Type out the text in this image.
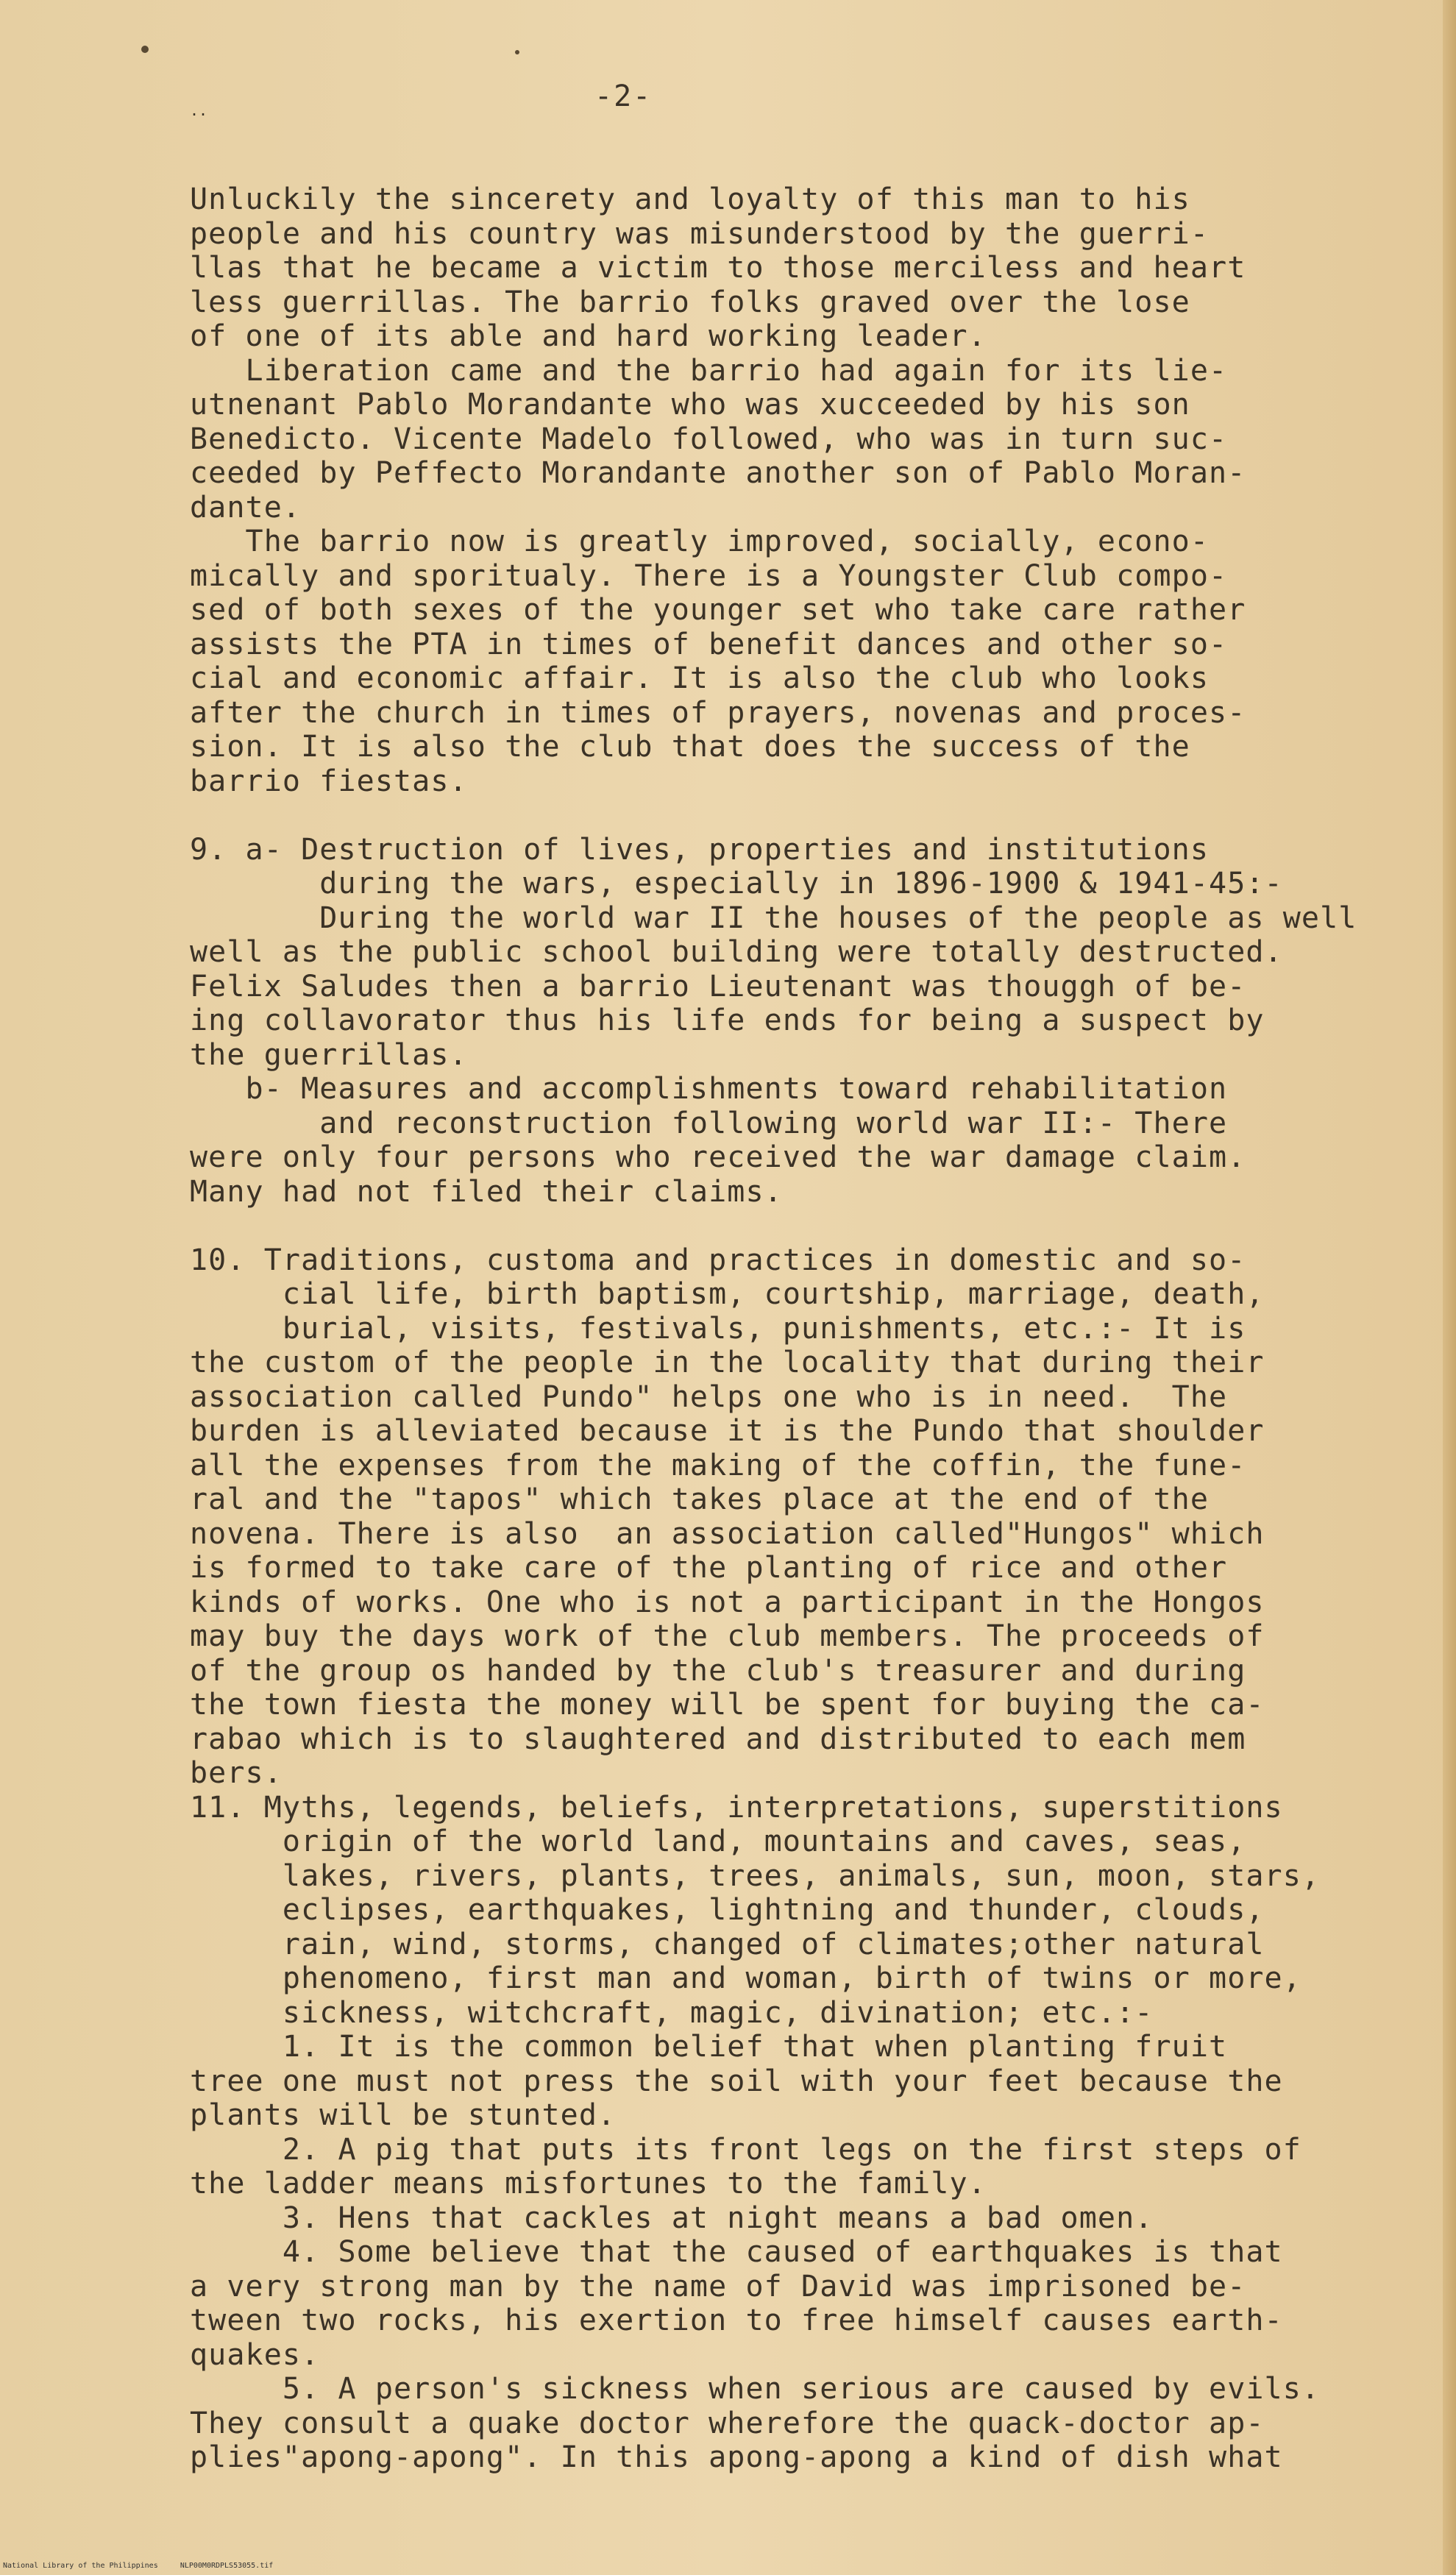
..	-2-
Unluckily the sincerety and loyalty of this man to his
people and his country was misunderstood by the guerri-
llas that he became a victim to those merciless and heart
less guerrillas. The barrio folks graved over the lose
of one of its able and hard working leader.
Liberation came and the barrio had again for its lie-
utnenant Pablo Morandante who was xucceeded by his son
Benedicto. Vicente Madelo followed, who was in turn suc-
ceeded by Peffecto Morandante another son of Pablo Moran-
dante.
The barrio now is greatly improved, socially, econo-
mically and sporitualy. There is a Youngster Club compo-
sed of both sexes of the younger set who take care rather
assists the PTA in times of benefit dances and other so-
cial and economic affair. It is also the club who looks
after the church in times of prayers, novenas and proces-
sion. It is also the club that does the success of the
barrio fiestas.
9. a- Destruction of lives, properties and institutions
during the wars, especially in 1896-1900 & 1941-45:-
During the world war II the houses of the people as well
well as the public school building were totally destructed.
Felix Saludes then a barrio Lieutenant was thouggh of be-
ing collavorator thus his life ends for being a suspect by
the guerrillas.
b- Measures and accomplishments toward rehabilitation
and reconstruction following world war II:- There
were only four persons who received the war damage claim.
Many had not filed their claims.
10. Traditions, customa and practices in domestic and so-
cial life, birth baptism, courtship, marriage, death,
burial, visits, festivals, punishments, etc.:- It is
the custom of the people in the locality that during their
association called Pundo" helps one who is in need.  The
burden is alleviated because it is the Pundo that shoulder
all the expenses from the making of the coffin, the fune-
ral and the "tapos" which takes place at the end of the
novena. There is also  an association called"Hungos" which
is formed to take care of the planting of rice and other
kinds of works. One who is not a participant in the Hongos
may buy the days work of the club members. The proceeds of
of the group os handed by the club's treasurer and during
the town fiesta the money will be spent for buying the ca-
rabao which is to slaughtered and distributed to each mem
bers.
11. Myths, legends, beliefs, interpretations, superstitions
origin of the world land, mountains and caves, seas,
lakes, rivers, plants, trees, animals, sun, moon, stars,
eclipses, earthquakes, lightning and thunder, clouds,
rain, wind, storms, changed of climates;other natural
phenomeno, first man and woman, birth of twins or more,
sickness, witchcraft, magic, divination; etc.:-
1. It is the common belief that when planting fruit
tree one must not press the soil with your feet because the
plants will be stunted.
2. A pig that puts its front legs on the first steps of
the ladder means misfortunes to the family.
3. Hens that cackles at night means a bad omen.
4. Some believe that the caused of earthquakes is that
a very strong man by the name of David was imprisoned be-
tween two rocks, his exertion to free himself causes earth-
quakes.
5. A person's sickness when serious are caused by evils.
They consult a quake doctor wherefore the quack-doctor ap-
plies"apong-apong". In this apong-apong a kind of dish what
National Library of the Philippines     NLP00M0RDPLS53055.tif
